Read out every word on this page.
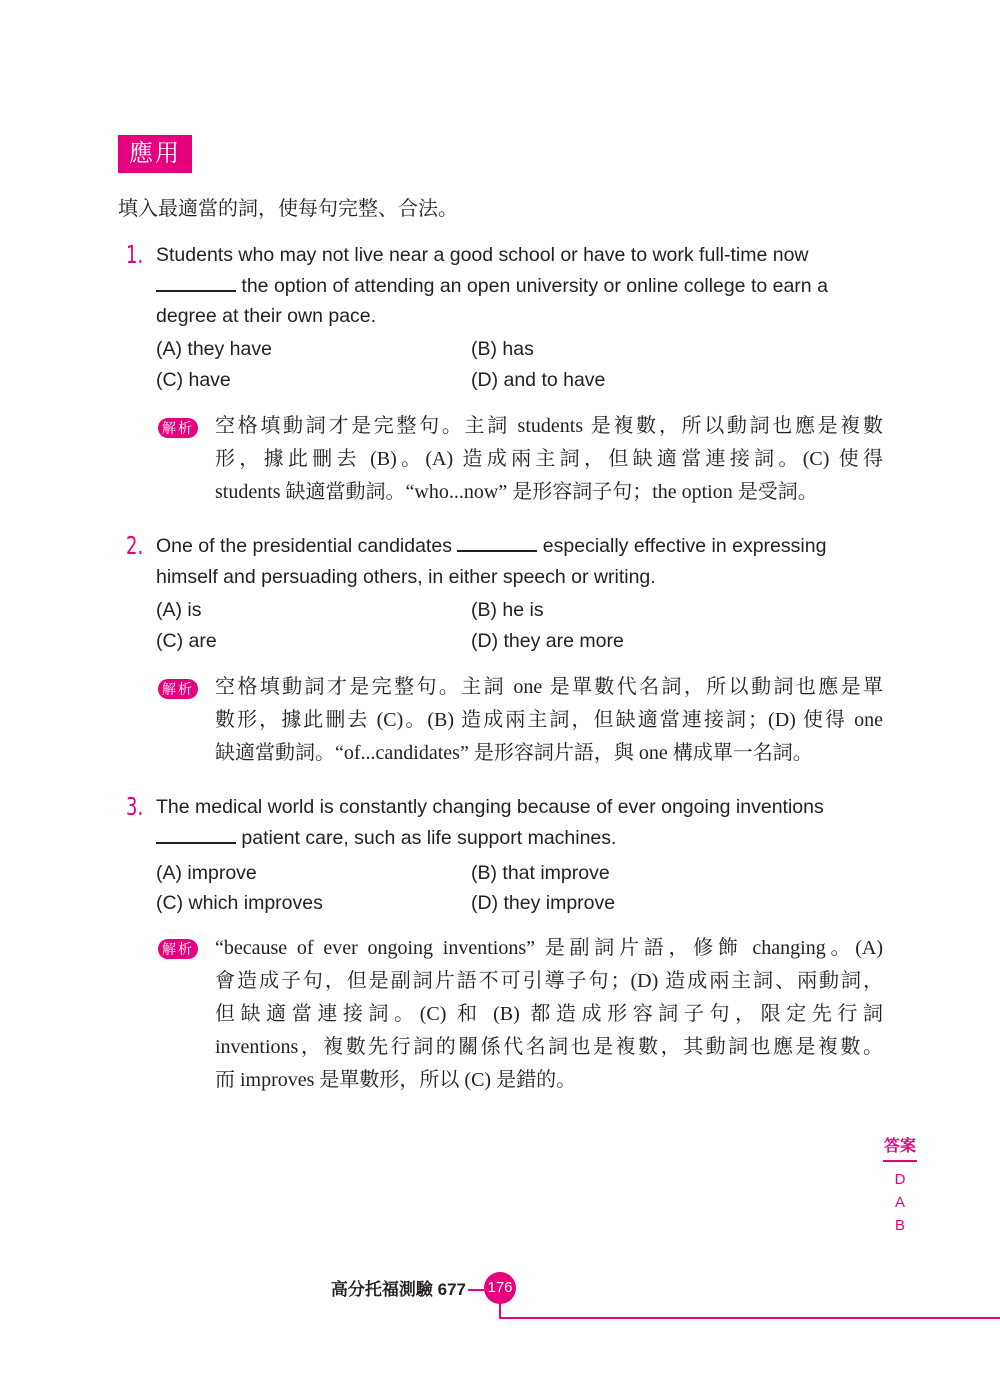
應用
填入最適當的詞，使每句完整、合法。
1. Students who may not live near a good school or have to work full-time now
the option of attending an open university or online college to earn a
degree at their own pace.
(A) they have	(B) has
(C) have	(D) and to have
解析 空格填動詞才是完整句。主詞 students 是複數，所以動詞也應是複數
形，據此刪去 (B)。(A) 造成兩主詞，但缺適當連接詞。(C) 使得
students 缺適當動詞。“who...now” 是形容詞子句；the option 是受詞。
2. One of the presidential candidates	especially effective in expressing
himself and persuading others, in either speech or writing.
(A) is	(B) he is
(C) are	(D) they are more
解析 空格填動詞才是完整句。主詞 one 是單數代名詞，所以動詞也應是單
數形，據此刪去 (C)。(B) 造成兩主詞，但缺適當連接詞；(D) 使得 one
缺適當動詞。“of...candidates” 是形容詞片語，與 one 構成單一名詞。
3. The medical world is constantly changing because of ever ongoing inventions
patient care, such as life support machines.
(A) improve	(B) that improve
(C) which improves	(D) they improve
解析 “because of ever ongoing inventions” 是副詞片語，修飾 changing。(A)
會造成子句，但是副詞片語不可引導子句；(D) 造成兩主詞、兩動詞，
但缺適當連接詞。(C) 和 (B) 都造成形容詞子句，限定先行詞
inventions，複數先行詞的關係代名詞也是複數，其動詞也應是複數。
而 improves 是單數形，所以 (C) 是錯的。
答案
D
A
B
高分托福測驗 677 176
